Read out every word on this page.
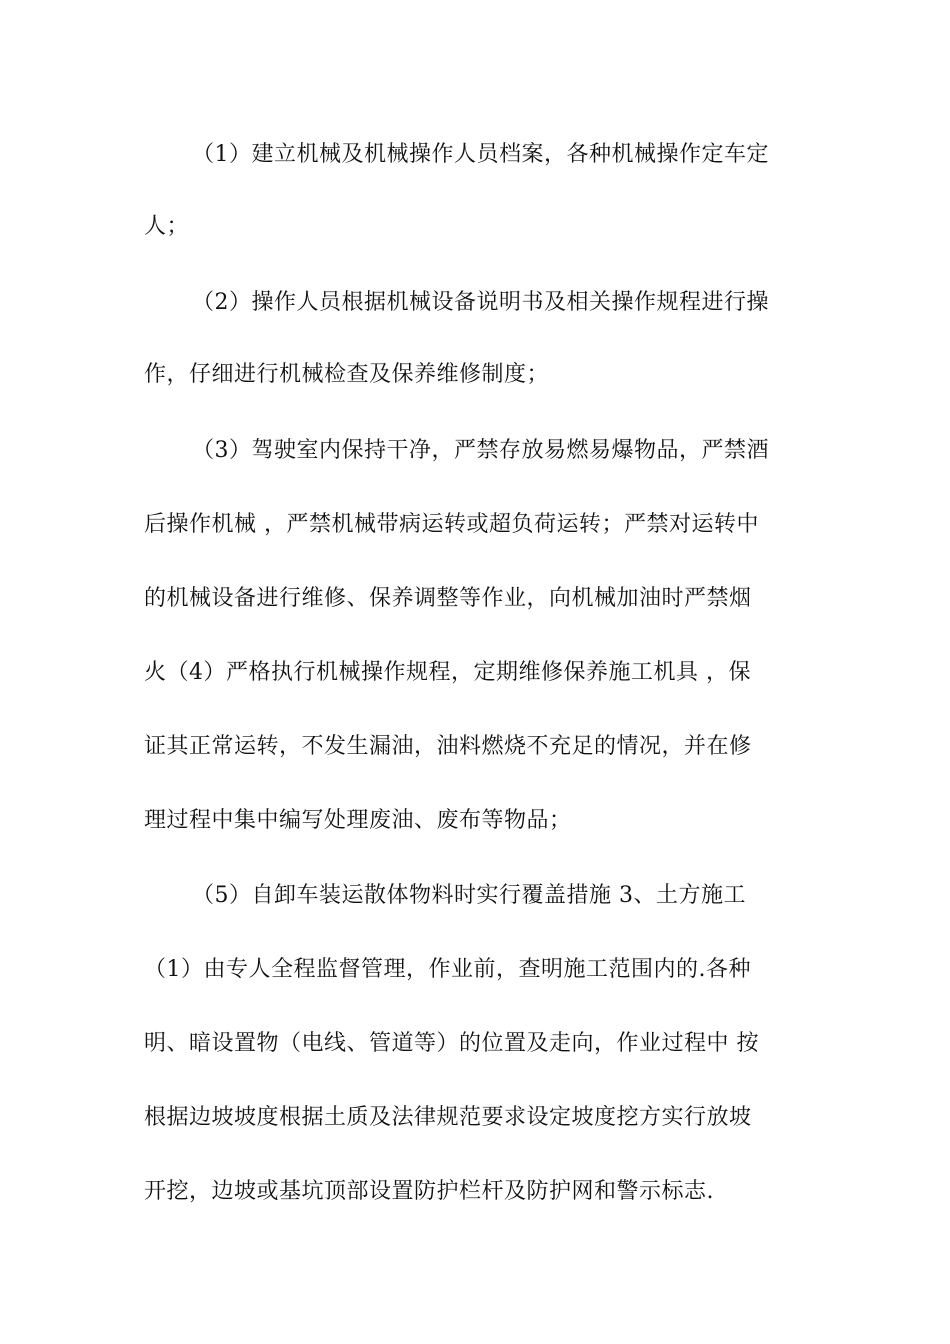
（1）建立机械及机械操作人员档案，各种机械操作定车定
人；
（2）操作人员根据机械设备说明书及相关操作规程进行操
作，仔细进行机械检查及保养维修制度；
（3）驾驶室内保持干净，严禁存放易燃易爆物品，严禁酒
后操作机械 ，严禁机械带病运转或超负荷运转；严禁对运转中
的机械设备进行维修、保养调整等作业，向机械加油时严禁烟
火（4）严格执行机械操作规程，定期维修保养施工机具 ，保
证其正常运转，不发生漏油，油料燃烧不充足的情况，并在修
理过程中集中编写处理废油、废布等物品；
（5）自卸车装运散体物料时实行覆盖措施 3、土方施工
（1）由专人全程监督管理，作业前，查明施工范围内的.各种
明、暗设置物（电线、管道等）的位置及走向，作业过程中 按
根据边坡坡度根据土质及法律规范要求设定坡度挖方实行放坡
开挖，边坡或基坑顶部设置防护栏杆及防护网和警示标志.
